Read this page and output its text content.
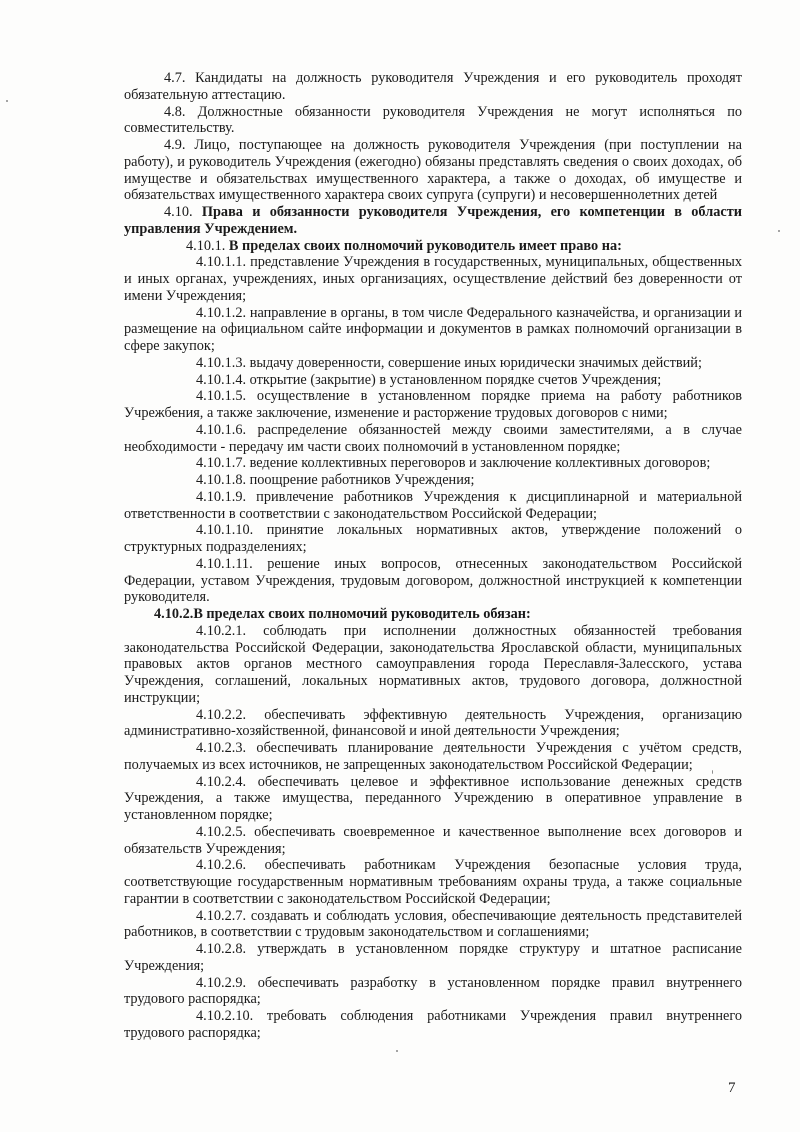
4.7. Кандидаты на должность руководителя Учреждения и его руководитель проходят обязательную аттестацию.

4.8. Должностные обязанности руководителя Учреждения не могут исполняться по совместительству.

4.9. Лицо, поступающее на должность руководителя Учреждения (при поступлении на работу), и руководитель Учреждения (ежегодно) обязаны представлять сведения о своих доходах, об имуществе и обязательствах имущественного характера, а также о доходах, об имуществе и обязательствах имущественного характера своих супруга (супруги) и несовершеннолетних детей

4.10. Права и обязанности руководителя Учреждения, его компетенции в области управления Учреждением.

4.10.1. В пределах своих полномочий руководитель имеет право на:

4.10.1.1. представление Учреждения в государственных, муниципальных, общественных и иных органах, учреждениях, иных организациях, осуществление действий без доверенности от имени Учреждения;

4.10.1.2. направление в органы, в том числе Федерального казначейства, и организации и размещение на официальном сайте информации и документов в рамках полномочий организации в сфере закупок;

4.10.1.3. выдачу доверенности, совершение иных юридически значимых действий;

4.10.1.4. открытие (закрытие) в установленном порядке счетов Учреждения;

4.10.1.5. осуществление в установленном порядке приема на работу работников Учрежбения, а также заключение, изменение и расторжение трудовых договоров с ними;

4.10.1.6. распределение обязанностей между своими заместителями, а в случае необходимости - передачу им части своих полномочий в установленном порядке;

4.10.1.7. ведение коллективных переговоров и заключение коллективных договоров;

4.10.1.8. поощрение работников Учреждения;

4.10.1.9. привлечение работников Учреждения к дисциплинарной и материальной ответственности в соответствии с законодательством Российской Федерации;

4.10.1.10. принятие локальных нормативных актов, утверждение положений о структурных подразделениях;

4.10.1.11. решение иных вопросов, отнесенных законодательством Российской Федерации, уставом Учреждения, трудовым договором, должностной инструкцией к компетенции руководителя.

4.10.2.В пределах своих полномочий руководитель обязан:

4.10.2.1. соблюдать при исполнении должностных обязанностей требования законодательства Российской Федерации, законодательства Ярославской области, муниципальных правовых актов органов местного самоуправления города Переславля-Залесского, устава Учреждения, соглашений, локальных нормативных актов, трудового договора, должностной инструкции;

4.10.2.2. обеспечивать эффективную деятельность Учреждения, организацию административно-хозяйственной, финансовой и иной деятельности Учреждения;

4.10.2.3. обеспечивать планирование деятельности Учреждения с учётом средств, получаемых из всех источников, не запрещенных законодательством Российской Федерации;

4.10.2.4. обеспечивать целевое и эффективное использование денежных средств Учреждения, а также имущества, переданного Учреждению в оперативное управление в установленном порядке;

4.10.2.5. обеспечивать своевременное и качественное выполнение всех договоров и обязательств Учреждения;

4.10.2.6. обеспечивать работникам Учреждения безопасные условия труда, соответствующие государственным нормативным требованиям охраны труда, а также социальные гарантии в соответствии с законодательством Российской Федерации;

4.10.2.7. создавать и соблюдать условия, обеспечивающие деятельность представителей работников, в соответствии с трудовым законодательством и соглашениями;

4.10.2.8. утверждать в установленном порядке структуру и штатное расписание Учреждения;

4.10.2.9. обеспечивать разработку в установленном порядке правил внутреннего трудового распорядка;

4.10.2.10. требовать соблюдения работниками Учреждения правил внутреннего трудового распорядка;

7
